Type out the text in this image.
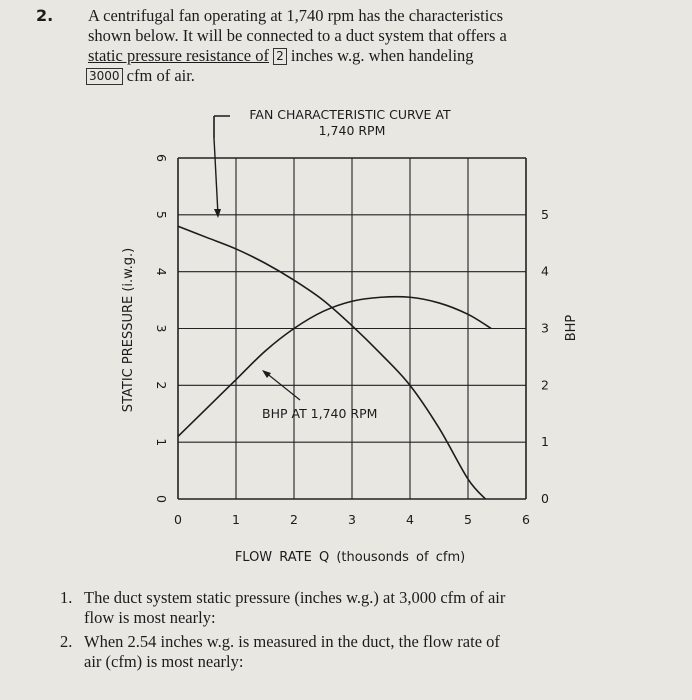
2. A centrifugal fan operating at 1,740 rpm has the characteristics
shown below. It will be connected to a duct system that offers a
static pressure resistance of 2 inches w.g. when handeling
3000 cfm of air.
0	1	2	3	4	5	6
0
1
2
3
4
5
6
0
1
2
3
4
5
FAN CHARACTERISTIC CURVE AT
1,740 RPM
BHP AT 1,740 RPM
FLOW RATE Q (thousonds of cfm)
STATIC PRESSURE (i.w.g.)	BHP
1. The duct system static pressure (inches w.g.) at 3,000 cfm of air
flow is most nearly:
2. When 2.54 inches w.g. is measured in the duct, the flow rate of
air (cfm) is most nearly:
